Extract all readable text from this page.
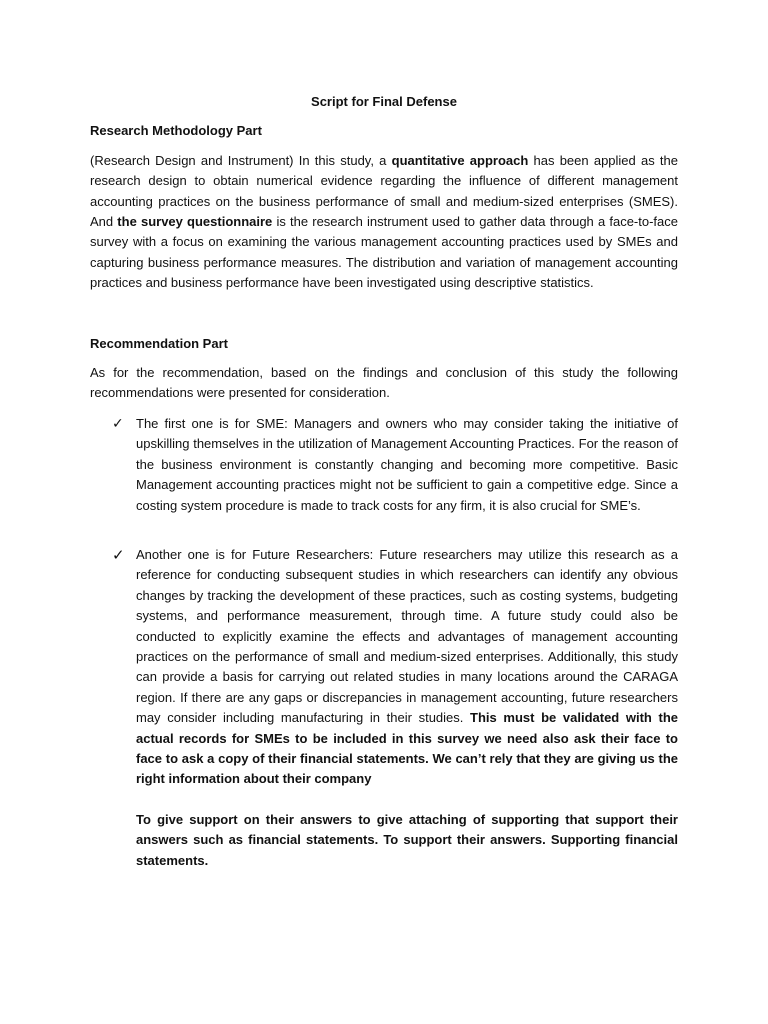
Script for Final Defense
Research Methodology Part

(Research Design and Instrument) In this study, a quantitative approach has been applied as the research design to obtain numerical evidence regarding the influence of different management accounting practices on the business performance of small and medium-sized enterprises (SMES). And the survey questionnaire is the research instrument used to gather data through a face-to-face survey with a focus on examining the various management accounting practices used by SMEs and capturing business performance measures. The distribution and variation of management accounting practices and business performance have been investigated using descriptive statistics.

Recommendation Part

As for the recommendation, based on the findings and conclusion of this study the following recommendations were presented for consideration.

✓ The first one is for SME: Managers and owners who may consider taking the initiative of upskilling themselves in the utilization of Management Accounting Practices. For the reason of the business environment is constantly changing and becoming more competitive. Basic Management accounting practices might not be sufficient to gain a competitive edge. Since a costing system procedure is made to track costs for any firm, it is also crucial for SME’s.
✓ Another one is for Future Researchers: Future researchers may utilize this research as a reference for conducting subsequent studies in which researchers can identify any obvious changes by tracking the development of these practices, such as costing systems, budgeting systems, and performance measurement, through time. A future study could also be conducted to explicitly examine the effects and advantages of management accounting practices on the performance of small and medium-sized enterprises. Additionally, this study can provide a basis for carrying out related studies in many locations around the CARAGA region. If there are any gaps or discrepancies in management accounting, future researchers may consider including manufacturing in their studies. This must be validated with the actual records for SMEs to be included in this survey we need also ask their face to face to ask a copy of their financial statements. We can’t rely that they are giving us the right information about their company

To give support on their answers to give attaching of supporting that support their answers such as financial statements. To support their answers. Supporting financial statements.
